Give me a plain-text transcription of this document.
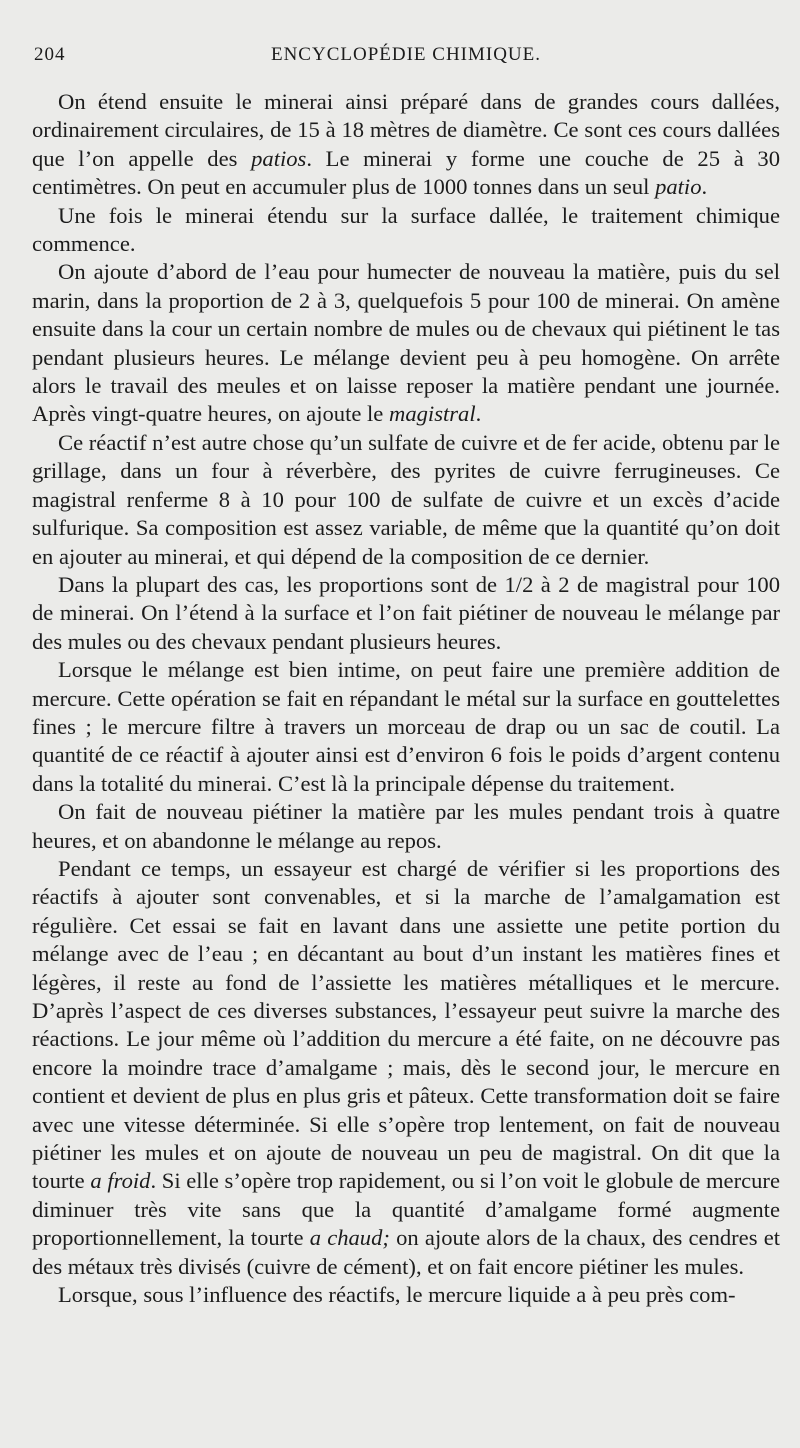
204	ENCYCLOPÉDIE CHIMIQUE.

On étend ensuite le minerai ainsi préparé dans de grandes cours dallées, ordinairement circulaires, de 15 à 18 mètres de diamètre. Ce sont ces cours dallées que l’on appelle des patios. Le minerai y forme une couche de 25 à 30 centimètres. On peut en accumuler plus de 1000 tonnes dans un seul patio.

Une fois le minerai étendu sur la surface dallée, le traitement chimique commence.

On ajoute d’abord de l’eau pour humecter de nouveau la matière, puis du sel marin, dans la proportion de 2 à 3, quelquefois 5 pour 100 de minerai. On amène ensuite dans la cour un certain nombre de mules ou de chevaux qui piétinent le tas pendant plusieurs heures. Le mélange devient peu à peu homogène. On arrête alors le travail des meules et on laisse reposer la matière pendant une journée. Après vingt-quatre heures, on ajoute le magistral.

Ce réactif n’est autre chose qu’un sulfate de cuivre et de fer acide, obtenu par le grillage, dans un four à réverbère, des pyrites de cuivre ferrugineuses. Ce magistral renferme 8 à 10 pour 100 de sulfate de cuivre et un excès d’acide sulfurique. Sa composition est assez variable, de même que la quantité qu’on doit en ajouter au minerai, et qui dépend de la composition de ce dernier.

Dans la plupart des cas, les proportions sont de 1/2 à 2 de magistral pour 100 de minerai. On l’étend à la surface et l’on fait piétiner de nouveau le mélange par des mules ou des chevaux pendant plusieurs heures.

Lorsque le mélange est bien intime, on peut faire une première addition de mercure. Cette opération se fait en répandant le métal sur la surface en gouttelettes fines ; le mercure filtre à travers un morceau de drap ou un sac de coutil. La quantité de ce réactif à ajouter ainsi est d’environ 6 fois le poids d’argent contenu dans la totalité du minerai. C’est là la principale dépense du traitement.

On fait de nouveau piétiner la matière par les mules pendant trois à quatre heures, et on abandonne le mélange au repos.

Pendant ce temps, un essayeur est chargé de vérifier si les proportions des réactifs à ajouter sont convenables, et si la marche de l’amalgamation est régulière. Cet essai se fait en lavant dans une assiette une petite portion du mélange avec de l’eau ; en décantant au bout d’un instant les matières fines et légères, il reste au fond de l’assiette les matières métalliques et le mercure. D’après l’aspect de ces diverses substances, l’essayeur peut suivre la marche des réactions. Le jour même où l’addition du mercure a été faite, on ne découvre pas encore la moindre trace d’amalgame ; mais, dès le second jour, le mercure en contient et devient de plus en plus gris et pâteux. Cette transformation doit se faire avec une vitesse déterminée. Si elle s’opère trop lentement, on fait de nouveau piétiner les mules et on ajoute de nouveau un peu de magistral. On dit que la tourte a froid. Si elle s’opère trop rapidement, ou si l’on voit le globule de mercure diminuer très vite sans que la quantité d’amalgame formé augmente proportionnellement, la tourte a chaud; on ajoute alors de la chaux, des cendres et des métaux très divisés (cuivre de cément), et on fait encore piétiner les mules.

Lorsque, sous l’influence des réactifs, le mercure liquide a à peu près com-
